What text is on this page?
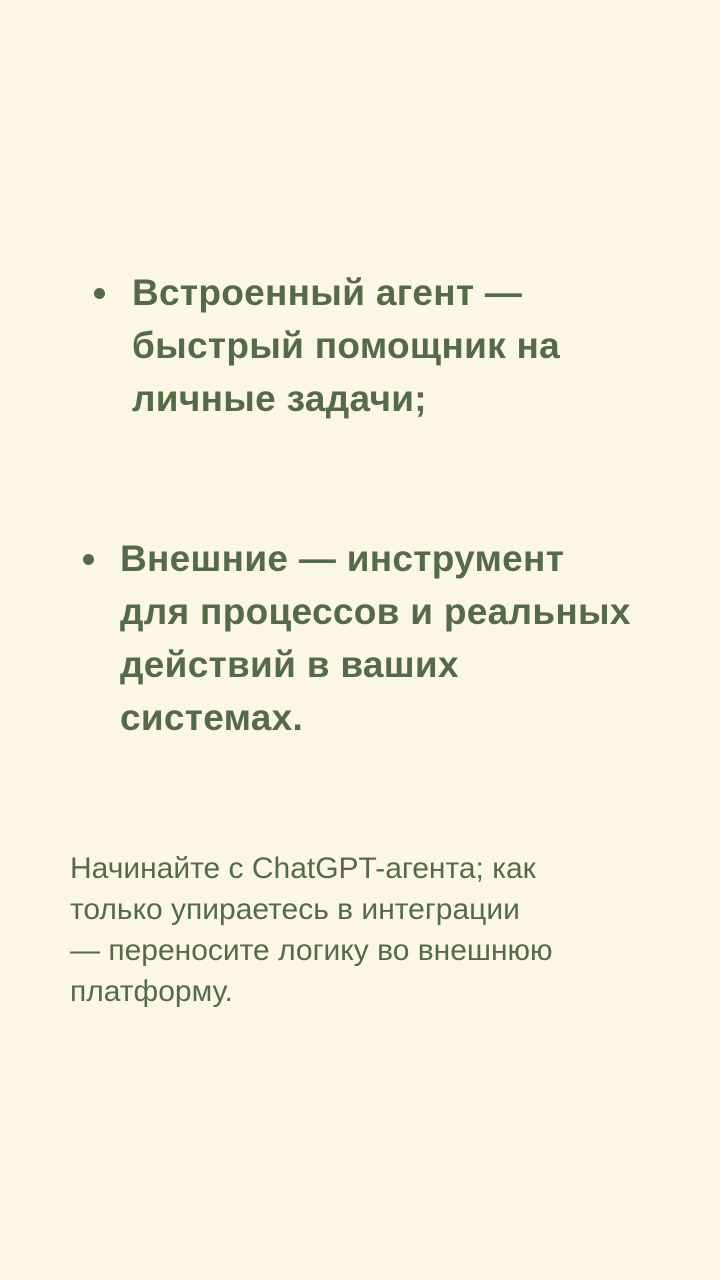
Встроенный агент —
быстрый помощник на
личные задачи;
Внешние — инструмент
для процессов и реальных
действий в ваших
системах.
Начинайте с ChatGPT-агента; как
только упираетесь в интеграции
— переносите логику во внешнюю
платформу.
